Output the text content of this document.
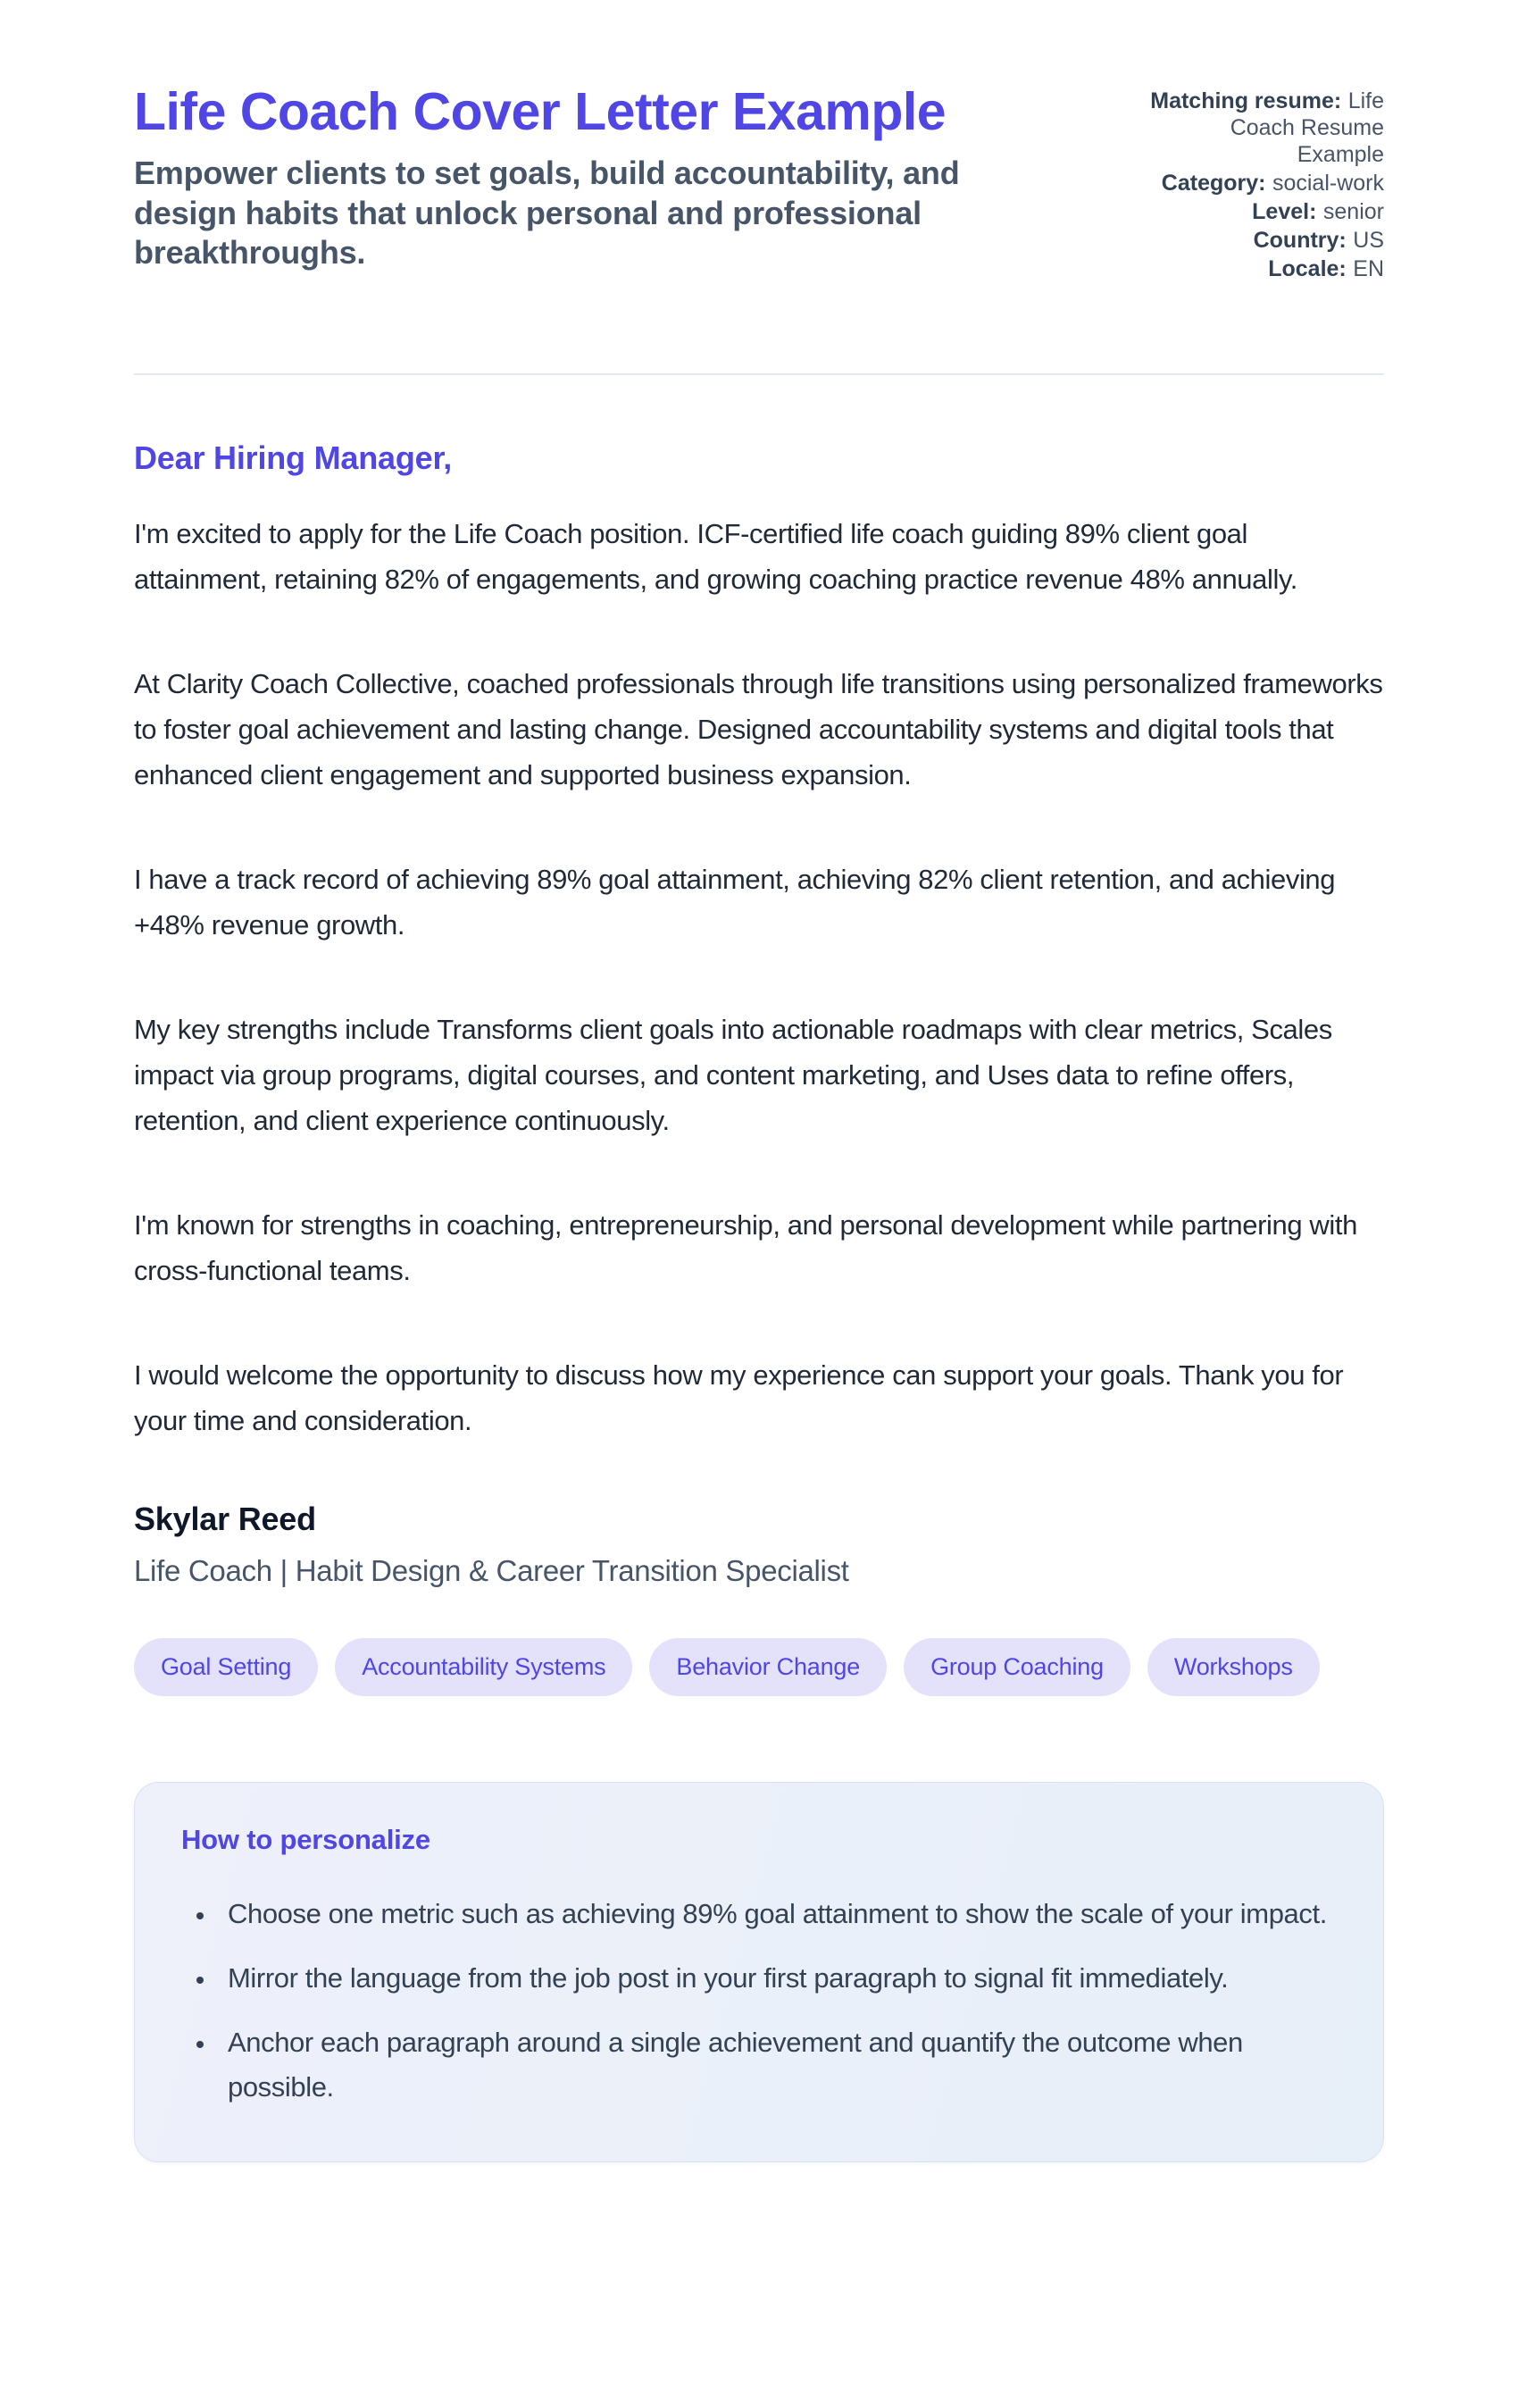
Life Coach Cover Letter Example
Empower clients to set goals, build accountability, and design habits that unlock personal and professional breakthroughs.
Matching resume: Life Coach Resume Example
Category: social-work
Level: senior
Country: US
Locale: EN
Dear Hiring Manager,

I'm excited to apply for the Life Coach position. ICF-certified life coach guiding 89% client goal attainment, retaining 82% of engagements, and growing coaching practice revenue 48% annually.

At Clarity Coach Collective, coached professionals through life transitions using personalized frameworks to foster goal achievement and lasting change. Designed accountability systems and digital tools that enhanced client engagement and supported business expansion.

I have a track record of achieving 89% goal attainment, achieving 82% client retention, and achieving +48% revenue growth.

My key strengths include Transforms client goals into actionable roadmaps with clear metrics, Scales impact via group programs, digital courses, and content marketing, and Uses data to refine offers, retention, and client experience continuously.

I'm known for strengths in coaching, entrepreneurship, and personal development while partnering with cross-functional teams.

I would welcome the opportunity to discuss how my experience can support your goals. Thank you for your time and consideration.

Skylar Reed
Life Coach | Habit Design & Career Transition Specialist
Goal Setting	Accountability Systems	Behavior Change	Group Coaching	Workshops
How to personalize
• Choose one metric such as achieving 89% goal attainment to show the scale of your impact.
• Mirror the language from the job post in your first paragraph to signal fit immediately.
• Anchor each paragraph around a single achievement and quantify the outcome when possible.
